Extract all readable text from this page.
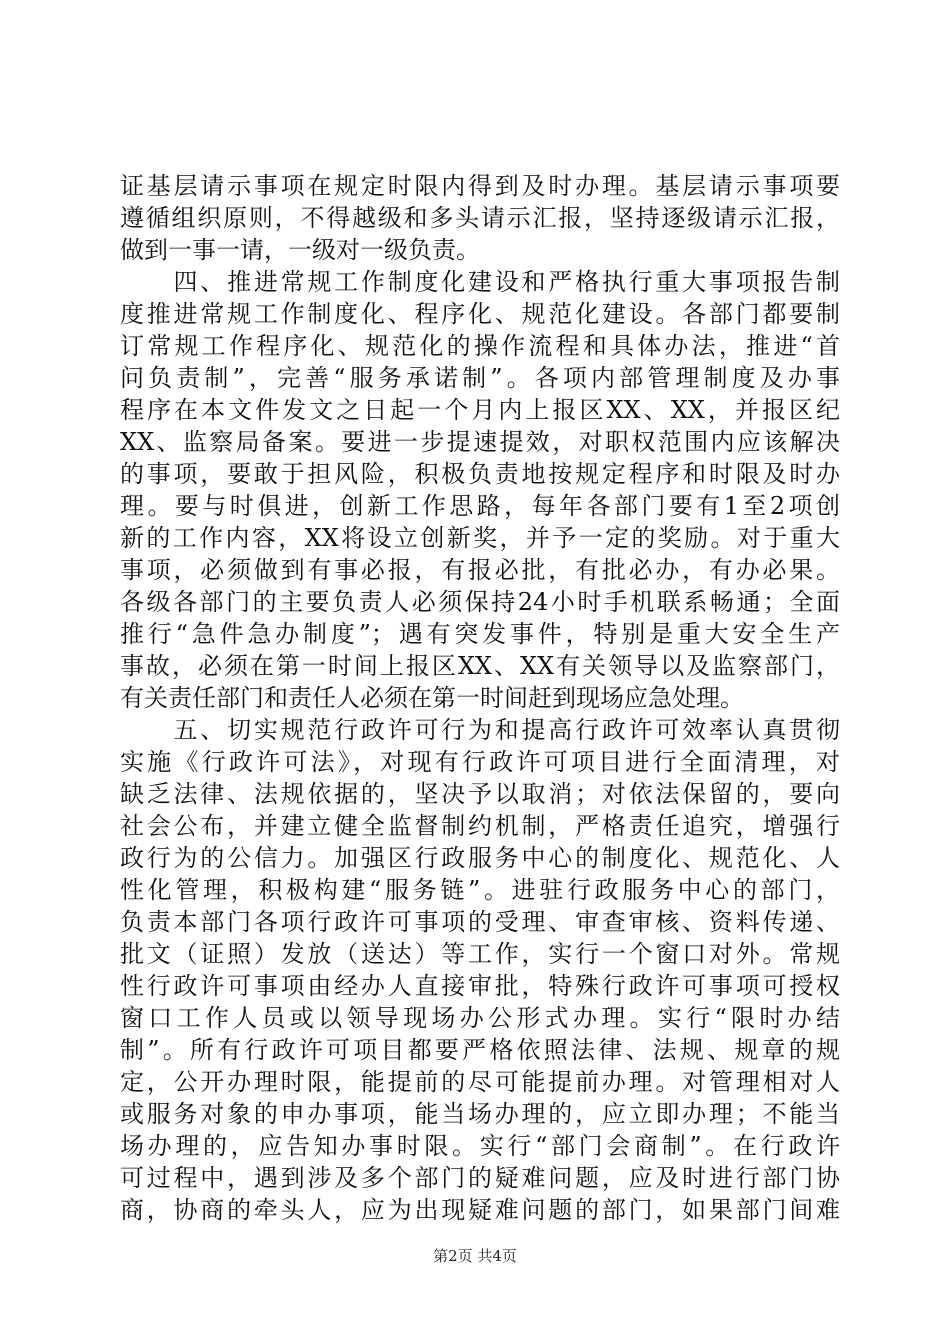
证基层请示事项在规定时限内得到及时办理。基层请示事项要
遵循组织原则，不得越级和多头请示汇报，坚持逐级请示汇报，
做到一事一请，一级对一级负责。
　　四、推进常规工作制度化建设和严格执行重大事项报告制
度推进常规工作制度化、程序化、规范化建设。各部门都要制
订常规工作程序化、规范化的操作流程和具体办法，推进“首
问负责制”，完善“服务承诺制”。各项内部管理制度及办事
程序在本文件发文之日起一个月内上报区XX、XX，并报区纪
XX、监察局备案。要进一步提速提效，对职权范围内应该解决
的事项，要敢于担风险，积极负责地按规定程序和时限及时办
理。要与时俱进，创新工作思路，每年各部门要有1至2项创
新的工作内容，XX将设立创新奖，并予一定的奖励。对于重大
事项，必须做到有事必报，有报必批，有批必办，有办必果。
各级各部门的主要负责人必须保持24小时手机联系畅通；全面
推行“急件急办制度”；遇有突发事件，特别是重大安全生产
事故，必须在第一时间上报区XX、XX有关领导以及监察部门，
有关责任部门和责任人必须在第一时间赶到现场应急处理。
　　五、切实规范行政许可行为和提高行政许可效率认真贯彻
实施《行政许可法》，对现有行政许可项目进行全面清理，对
缺乏法律、法规依据的，坚决予以取消；对依法保留的，要向
社会公布，并建立健全监督制约机制，严格责任追究，增强行
政行为的公信力。加强区行政服务中心的制度化、规范化、人
性化管理，积极构建“服务链”。进驻行政服务中心的部门，
负责本部门各项行政许可事项的受理、审查审核、资料传递、
批文（证照）发放（送达）等工作，实行一个窗口对外。常规
性行政许可事项由经办人直接审批，特殊行政许可事项可授权
窗口工作人员或以领导现场办公形式办理。实行“限时办结
制”。所有行政许可项目都要严格依照法律、法规、规章的规
定，公开办理时限，能提前的尽可能提前办理。对管理相对人
或服务对象的申办事项，能当场办理的，应立即办理；不能当
场办理的，应告知办事时限。实行“部门会商制”。在行政许
可过程中，遇到涉及多个部门的疑难问题，应及时进行部门协
商，协商的牵头人，应为出现疑难问题的部门，如果部门间难
第2页 共4页
